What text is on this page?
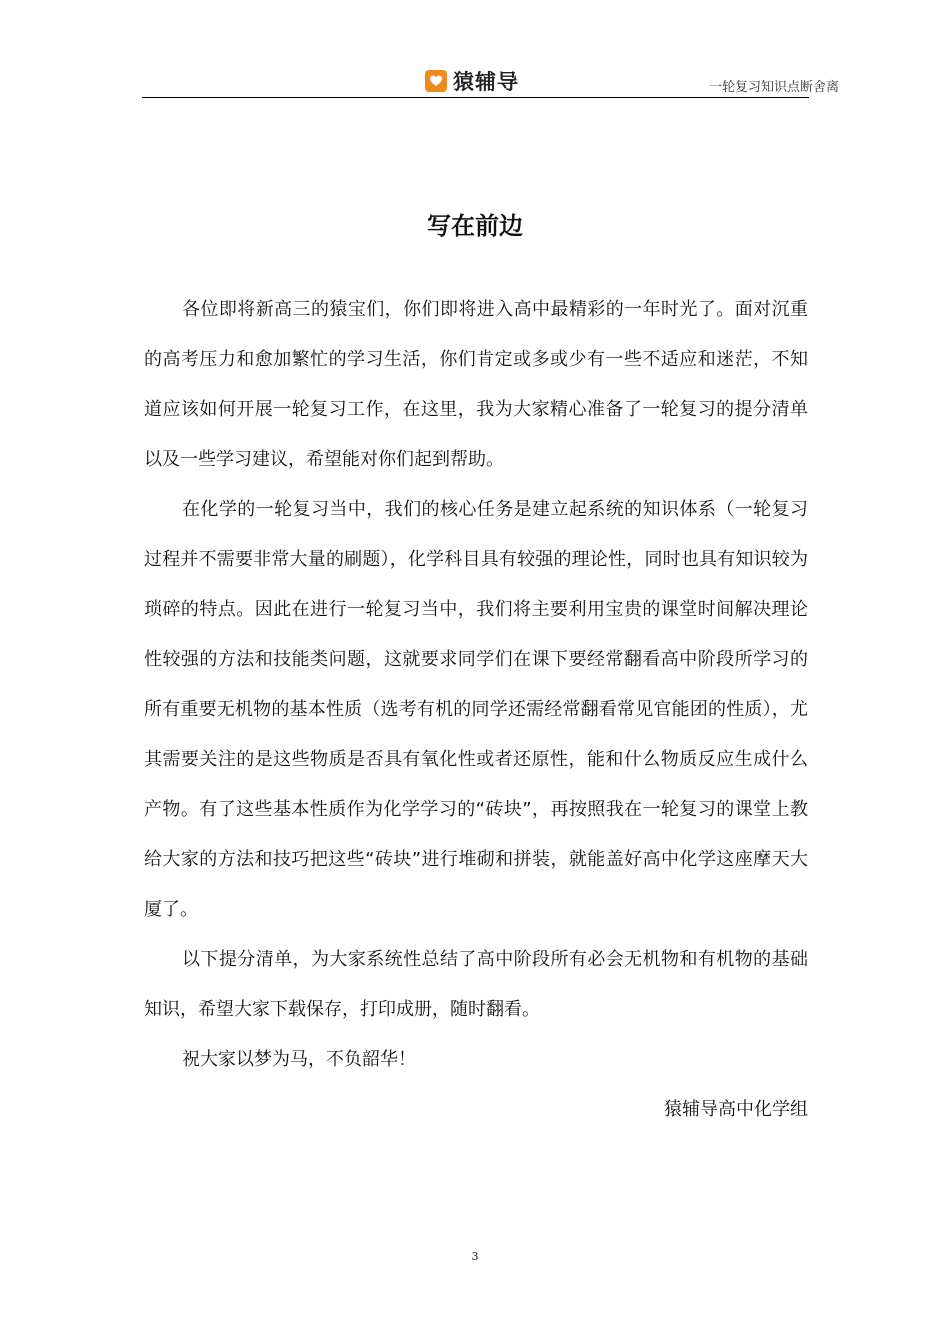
猿辅导	一轮复习知识点断舍离
写在前边

各位即将新高三的猿宝们，你们即将进入高中最精彩的一年时光了。面对沉重的高考压力和愈加繁忙的学习生活，你们肯定或多或少有一些不适应和迷茫，不知道应该如何开展一轮复习工作，在这里，我为大家精心准备了一轮复习的提分清单以及一些学习建议，希望能对你们起到帮助。

在化学的一轮复习当中，我们的核心任务是建立起系统的知识体系（一轮复习过程并不需要非常大量的刷题），化学科目具有较强的理论性，同时也具有知识较为琐碎的特点。因此在进行一轮复习当中，我们将主要利用宝贵的课堂时间解决理论性较强的方法和技能类问题，这就要求同学们在课下要经常翻看高中阶段所学习的所有重要无机物的基本性质（选考有机的同学还需经常翻看常见官能团的性质），尤其需要关注的是这些物质是否具有氧化性或者还原性，能和什么物质反应生成什么产物。有了这些基本性质作为化学学习的“砖块”，再按照我在一轮复习的课堂上教给大家的方法和技巧把这些“砖块”进行堆砌和拼装，就能盖好高中化学这座摩天大厦了。

以下提分清单，为大家系统性总结了高中阶段所有必会无机物和有机物的基础知识，希望大家下载保存，打印成册，随时翻看。

祝大家以梦为马，不负韶华！

猿辅导高中化学组

3
